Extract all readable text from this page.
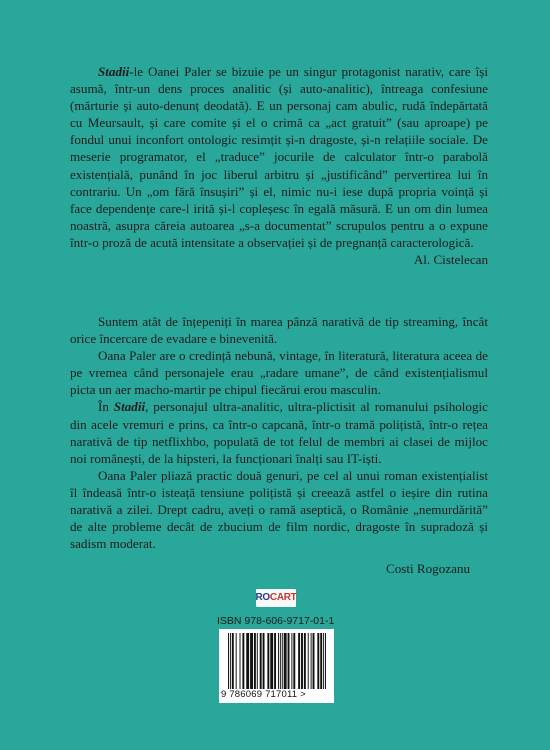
Stadii-le Oanei Paler se bizuie pe un singur protagonist narativ, care își asumă, într-un dens proces analitic (și auto-analitic), întreaga confesiune (mărturie și auto-denunț deodată). E un personaj cam abulic, rudă îndepărtată cu Meursault, și care comite și el o crimă ca „act gratuit” (sau aproape) pe fondul unui inconfort ontologic resimțit și-n dragoste, și-n relațiile sociale. De meserie programator, el „traduce” jocurile de calculator într-o parabolă existențială, punând în joc liberul arbitru și „justificând” pervertirea lui în contrariu. Un „om fără însușiri” și el, nimic nu-i iese după propria voință și face dependențe care-l irită și-l copleșesc în egală măsură. E un om din lumea noastră, asupra căreia autoarea „s-a documentat” scrupulos pentru a o expune într-o proză de acută intensitate a observației și de pregnanță caracterologică.

Al. Cistelecan

Suntem atât de înțepeniți în marea pânză narativă de tip streaming, încât orice încercare de evadare e binevenită.

Oana Paler are o credință nebună, vintage, în literatură, literatura aceea de pe vremea când personajele erau „radare umane”, de când existențialismul picta un aer macho-martir pe chipul fiecărui erou masculin.

În Stadii, personajul ultra-analitic, ultra-plictisit al romanului psihologic din acele vremuri e prins, ca într-o capcană, într-o tramă polițistă, într-o rețea narativă de tip netflixhbo, populată de tot felul de membri ai clasei de mijloc noi românești, de la hipsteri, la funcționari înalți sau IT-iști.

Oana Paler pliază practic două genuri, pe cel al unui roman existențialist îl îndeasă într-o isteață tensiune polițistă și creează astfel o ieșire din rutina narativă a zilei. Drept cadru, aveți o ramă aseptică, o Românie „nemurdărită” de alte probleme decât de zbucium de film nordic, dragoste în supradoză și sadism moderat.

Costi Rogozanu

RO CART
ISBN 978-606-9717-01-1
9 786069 717011 >
